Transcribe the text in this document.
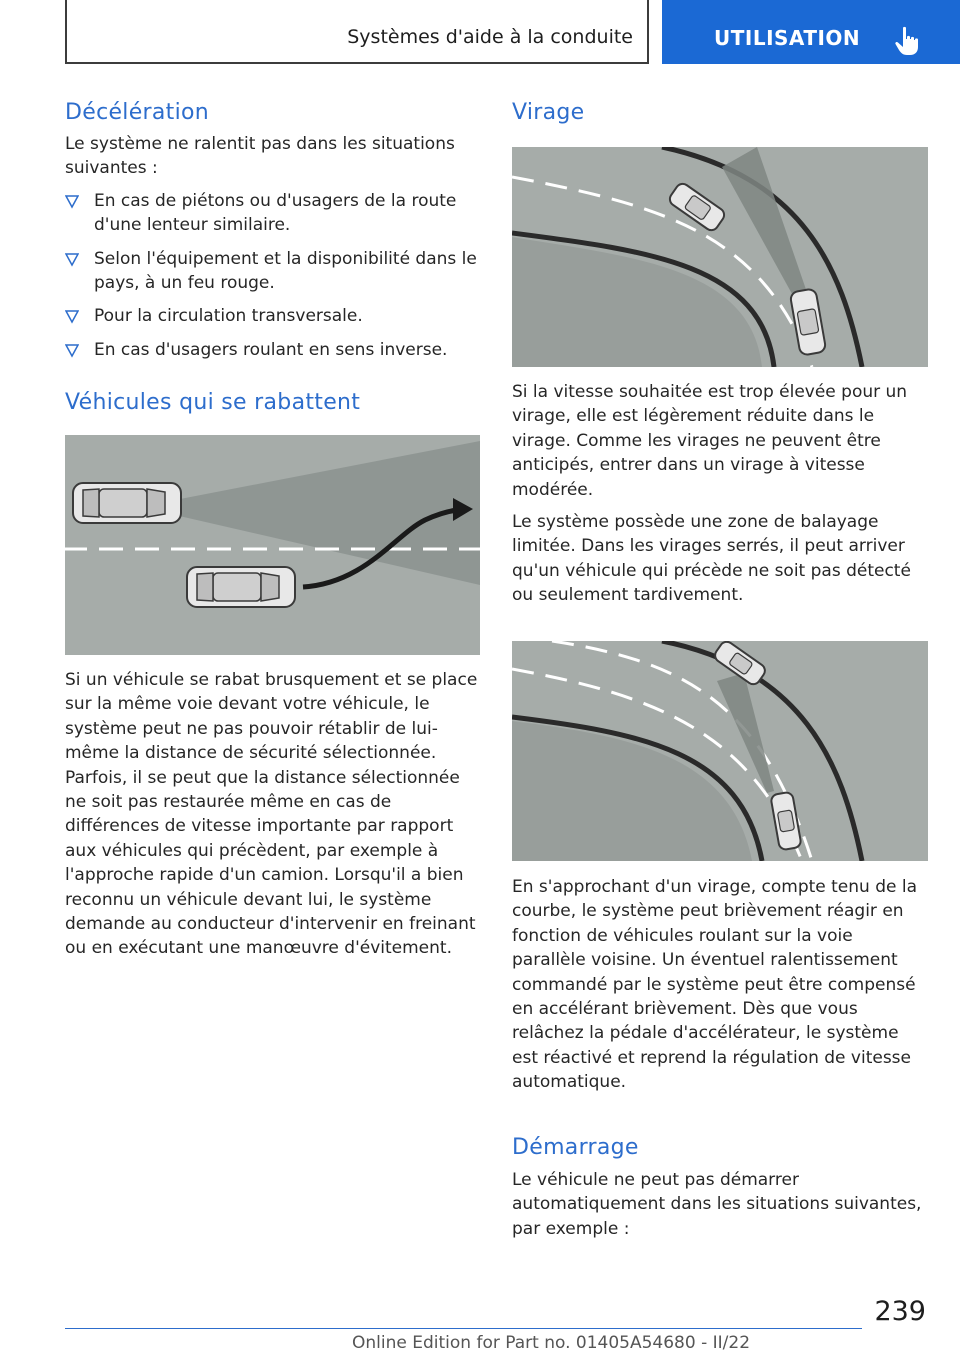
Systèmes d'aide à la conduite	UTILISATION
Décélération

Le système ne ralentit pas dans les situations suivantes :

En cas de piétons ou d'usagers de la route d'une lenteur similaire.
Selon l'équipement et la disponibilité dans le pays, à un feu rouge.
Pour la circulation transversale.
En cas d'usagers roulant en sens inverse.
Véhicules qui se rabattent

Si un véhicule se rabat brusquement et se place sur la même voie devant votre véhicule, le système peut ne pas pouvoir rétablir de lui-même la distance de sécurité sélectionnée. Parfois, il se peut que la distance sélectionnée ne soit pas restaurée même en cas de différences de vitesse importante par rapport aux véhicules qui précèdent, par exemple à l'approche rapide d'un camion. Lorsqu'il a bien reconnu un véhicule devant lui, le système demande au conducteur d'intervenir en freinant ou en exécutant une manœuvre d'évitement.

Virage

Si la vitesse souhaitée est trop élevée pour un virage, elle est légèrement réduite dans le virage. Comme les virages ne peuvent être anticipés, entrer dans un virage à vitesse modérée.

Le système possède une zone de balayage limitée. Dans les virages serrés, il peut arriver qu'un véhicule qui précède ne soit pas détecté ou seulement tardivement.

En s'approchant d'un virage, compte tenu de la courbe, le système peut brièvement réagir en fonction de véhicules roulant sur la voie parallèle voisine. Un éventuel ralentissement commandé par le système peut être compensé en accélérant brièvement. Dès que vous relâchez la pédale d'accélérateur, le système est réactivé et reprend la régulation de vitesse automatique.

Démarrage

Le véhicule ne peut pas démarrer automatiquement dans les situations suivantes, par exemple :

239
Online Edition for Part no. 01405A54680 - II/22
